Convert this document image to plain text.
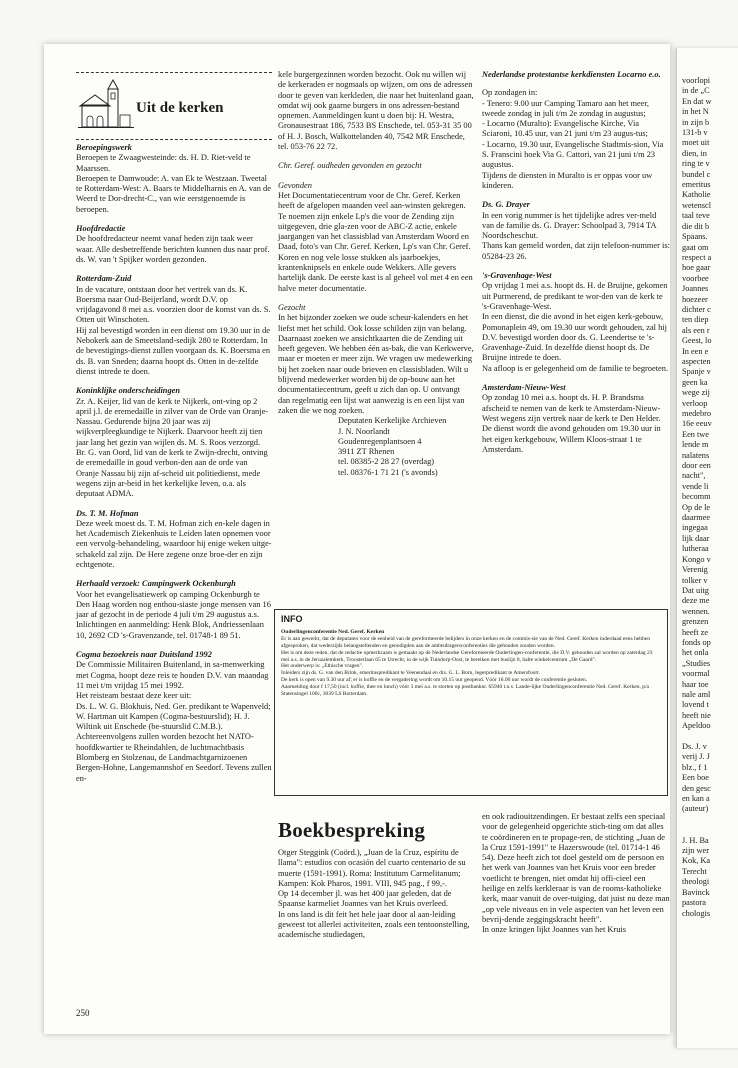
voorlopi
in de „C
En dat w
in het N
in zijn b
131-b v
moet uit
dien, in
ring te v
bundel c
emeritus
Katholie
wetenscl
taal teve
die dit b
Spaans.
gaat om
respect a
hoe gaar
voorbee
Joannes
hoezeer
dichter c
ten diep
als een r
Geest, lo
In een e
aspecten
Spanje v
geen ka
wege zij
verloop
medebro
16e eeuv
Een twe
lende m
nalatens
door een
nacht",
vende li
becomm
Op de le
daarmee
ingegaa
lijk daar
lutheraa
Kongo v
Verenig
tolker v
Dat uitg
deze me
wennen.
grenzen
heeft ze
fonds op
het onla
„Studies
voormal
haar toe
nale aml
lovend t
heeft nie
Apeldoo

Ds. J. v
verij J. J
blz., f 1
Een boe
den gesc
en kan a
(auteur)

J. H. Ba
zijn wer
Kok, Ka
Terecht
theologi
Bavinck
pastora
chologis
Uit de kerken

Beroepingswerk

Beroepen te Zwaagwesteinde: ds. H. D. Riet-veld te Maarssen.

Beroepen te Damwoude: A. van Ek te Westzaan. Tweetal te Rotterdam-West: A. Baars te Middelharnis en A. van de Weerd te Dor-drecht-C., van wie eerstgenoemde is beroepen.

Hoofdredactie

De hoofdredacteur neemt vanaf heden zijn taak weer waar. Alle desbetreffende berichten kunnen dus naar prof. ds. W. van 't Spijker worden gezonden.

Rotterdam-Zuid

In de vacature, ontstaan door het vertrek van ds. K. Boersma naar Oud-Beijerland, wordt D.V. op vrijdagavond 8 mei a.s. voorzien door de komst van ds. S. Otten uit Winschoten.

Hij zal bevestigd worden in een dienst om 19.30 uur in de Nebokerk aan de Smeetsland-sedijk 280 te Rotterdam. In de bevestigings-dienst zullen voorgaan ds. K. Boersma en ds. B. van Sneden; daarna hoopt ds. Otten in de-zelfde dienst intrede te doen.

Koninklijke onderscheidingen

Zr. A. Keijer, lid van de kerk te Nijkerk, ont-ving op 2 april j.l. de eremedaille in zilver van de Orde van Oranje-Nassau. Gedurende bijna 20 jaar was zij wijkverpleegkundige te Nijkerk. Daarvoor heeft zij tien jaar lang het gezin van wijlen ds. M. S. Roos verzorgd.

Br. G. van Oord, lid van de kerk te Zwijn-drecht, ontving de eremedaille in goud verbon-den aan de orde van Oranje Nassau bij zijn af-scheid uit politiedienst, mede wegens zijn ar-beid in het kerkelijke leven, o.a. als deputaat ADMA.

Ds. T. M. Hofman

Deze week moest ds. T. M. Hofman zich en-kele dagen in het Academisch Ziekenhuis te Leiden laten opnemen voor een vervolg-behandeling, waardoor hij enige weken uitge-schakeld zal zijn. De Here zegene onze broe-der en zijn echtgenote.

Herhaald verzoek: Campingwerk Ockenburgh

Voor het evangelisatiewerk op camping Ockenburgh te Den Haag worden nog enthou-siaste jonge mensen van 16 jaar af gezocht in de periode 4 juli t/m 29 augustus a.s. Inlichtingen en aanmelding: Henk Blok, Andriessenlaan 10, 2692 CD 's-Gravenzande, tel. 01748-1 89 51.

Cogma bezoekreis naar Duitsland 1992

De Commissie Militairen Buitenland, in sa-menwerking met Cogma, hoopt deze reis te houden D.V. van maandag 11 mei t/m vrijdag 15 mei 1992.

Het reisteam bestaat deze keer uit:

Ds. L. W. G. Blokhuis, Ned. Ger. predikant te Wapenveld; W. Hartman uit Kampen (Cogma-bestuurslid); H. J. Wiltink uit Enschede (be-stuurslid C.M.B.).

Achtereenvolgens zullen worden bezocht het NATO-hoofdkwartier te Rheindahlen, de luchtmachtbasis Blomberg en Stolzenau, de Landmachtgarnizoenen Bergen-Hohne, Langemannshof en Seedorf. Tevens zullen en-

kele burgergezinnen worden bezocht. Ook nu willen wij de kerkeraden er nogmaals op wijzen, om ons de adressen door te geven van kerkleden, die naar het buitenland gaan, omdat wij ook gaarne burgers in ons adressen-bestand opnemen. Aanmeldingen kunt u doen bij: H. Westra, Gronausestraat 186, 7533 BS Enschede, tel. 053-31 35 00 of H. J. Bosch, Walkottelanden 40, 7542 MR Enschede, tel. 053-76 22 72.

Chr. Geref. oudheden gevonden en gezocht

Gevonden

Het Documentatiecentrum voor de Chr. Geref. Kerken heeft de afgelopen maanden veel aan-winsten gekregen. Te noemen zijn enkele Lp's die voor de Zending zijn uitgegeven, drie gla-zen voor de ABC-Z actie, enkele jaargangen van het classisblad van Amsterdam Woord en Daad, foto's van Chr. Geref. Kerken, Lp's van Chr. Geref. Koren en nog vele losse stukken als jaarboekjes, krantenknipsels en enkele oude Wekkers. Alle gevers hartelijk dank. De eerste kast is al geheel vol met 4 en een halve meter documentatie.

Gezocht

In het bijzonder zoeken we oude scheur-kalenders en het liefst met het schild. Ook losse schilden zijn van belang.

Daarnaast zoeken we ansichtkaarten die de Zending uit heeft gegeven. We hebben één as-bak, die van Kerkwerve, maar er moeten er meer zijn. We vragen uw medewerking bij het zoeken naar oude brieven en classisbladen. Wilt u blijvend medewerker worden bij de op-bouw aan het documentatiecentrum, geeft u zich dan op. U ontvangt dan regelmatig een lijst wat aanwezig is en een lijst van zaken die we nog zoeken.

Deputaten Kerkelijke Archieven

J. N. Noorlandt

Goudenregenplantsoen 4

3911 ZT Rhenen

tel. 08385-2 28 27 (overdag)

tel. 08376-1 71 21 ('s avonds)

Nederlandse protestantse kerkdiensten Locarno e.o.

Op zondagen in:

- Tenero: 9.00 uur Camping Tamaro aan het meer, tweede zondag in juli t/m 2e zondag in augustus;

- Locarno (Muralto): Evangelische Kirche, Via Sciaroni, 10.45 uur, van 21 juni t/m 23 augus-tus;

- Locarno, 19.30 uur, Evangelische Stadtmis-sion, Via S. Franscini hoek Via G. Cattori, van 21 juni t/m 23 augustus.

Tijdens de diensten in Muralto is er oppas voor uw kinderen.

Ds. G. Drayer

In een vorig nummer is het tijdelijke adres ver-meld van de familie ds. G. Drayer: Schoolpad 3, 7914 TA Noordscheschut.

Thans kan gemeld worden, dat zijn telefoon-nummer is: 05284-23 26.

's-Gravenhage-West

Op vrijdag 1 mei a.s. hoopt ds. H. de Bruijne, gekomen uit Purmerend, de predikant te wor-den van de kerk te 's-Gravenhage-West.

In een dienst, die die avond in het eigen kerk-gebouw, Pomonaplein 49, om 19.30 uur wordt gehouden, zal hij D.V. bevestigd worden door ds. G. Leendertse te 's-Gravenhage-Zuid. In dezelfde dienst hoopt ds. De Bruijne intrede te doen.

Na afloop is er gelegenheid om de familie te begroeten.

Amsterdam-Nieuw-West

Op zondag 10 mei a.s. hoopt ds. H. P. Brandsma afscheid te nemen van de kerk te Amsterdam-Nieuw-West wegens zijn vertrek naar de kerk te Den Helder. De dienst wordt die avond gehouden om 19.30 uur in het eigen kerkgebouw, Willem Kloos-straat 1 te Amsterdam.

INFO

Ouderlingenconferentie Ned. Geref. Kerken

Er is aan gewerkt, dat de deputaten voor de eenheid van de gereformeerde belijders in onze kerken en de commis-sie van de Ned. Geref. Kerken inderdaad eens hebben afgesproken, dat wederzijds belangstellenden en genodigden aan de ambtsdragersconferenties die gehouden zouden worden.

Het is om deze reden, dat de redactie opmerkzaam is gemaakt op de Nederlandse Gereformeerde Ouderlingen-conferentie, die D.V. gehouden zal worden op zaterdag 23 mei a.s. in de Jeruzalemkerk, Troosterlaan 65 te Utrecht, in de wijk Tuindorp-Oost, te bereiken met buslijn 8, halte winkelcentrum „De Gaard".

Het onderwerp is: „Ethische vragen".

Inleiders zijn ds. G. van den Brink, emerituspredikant te Veenendaal en drs. G. L. Born, legerpredikant te Amersfoort.

De kerk is open van 9.30 uur af; er is koffie en de vergadering wordt om 10.15 uur geopend. Vóór 16.00 uur wordt de conferentie gesloten.

Aanmelding door f 17,50 (incl. koffie, thee en lunch) vóór 3 mei a.s. te storten op postbanknr. 65940 t.n.v. Lande-lijke Ouderlingenconferentie Ned. Geref. Kerken, p/a Statensingel 100c, 3039 LS Rotterdam.

Boekbespreking

Otger Steggink (Coörd.), „Juan de la Cruz, espíritu de llama": estudios con ocasión del cuarto centenario de su muerte (1591-1991). Roma: Institutum Carmelitanum; Kampen: Kok Pharos, 1991. VIII, 945 pag., f 99,-.

Op 14 december jl. was het 400 jaar geleden, dat de Spaanse karmeliet Joannes van het Kruis overleed.

In ons land is dit feit het hele jaar door al aan-leiding geweest tot allerlei activiteiten, zoals een tentoonstelling, academische studiedagen,

en ook radiouitzendingen. Er bestaat zelfs een speciaal voor de gelegenheid opgerichte stich-ting om dat alles te coördineren en te propage-ren, de stichting „Juan de la Cruz 1591-1991" te Hazerswoude (tel. 01714-1 46 54). Deze heeft zich tot doel gesteld om de persoon en het werk van Joannes van het Kruis voor een breder voetlicht te brengen, niet omdat hij offi-cieel een heilige en zelfs kerkleraar is van de rooms-katholieke kerk, maar vanuit de over-tuiging, dat juist nu deze man „op vele niveaus en in vele aspecten van het leven een bevrij-dende zeggingskracht heeft".

In onze kringen lijkt Joannes van het Kruis

250
